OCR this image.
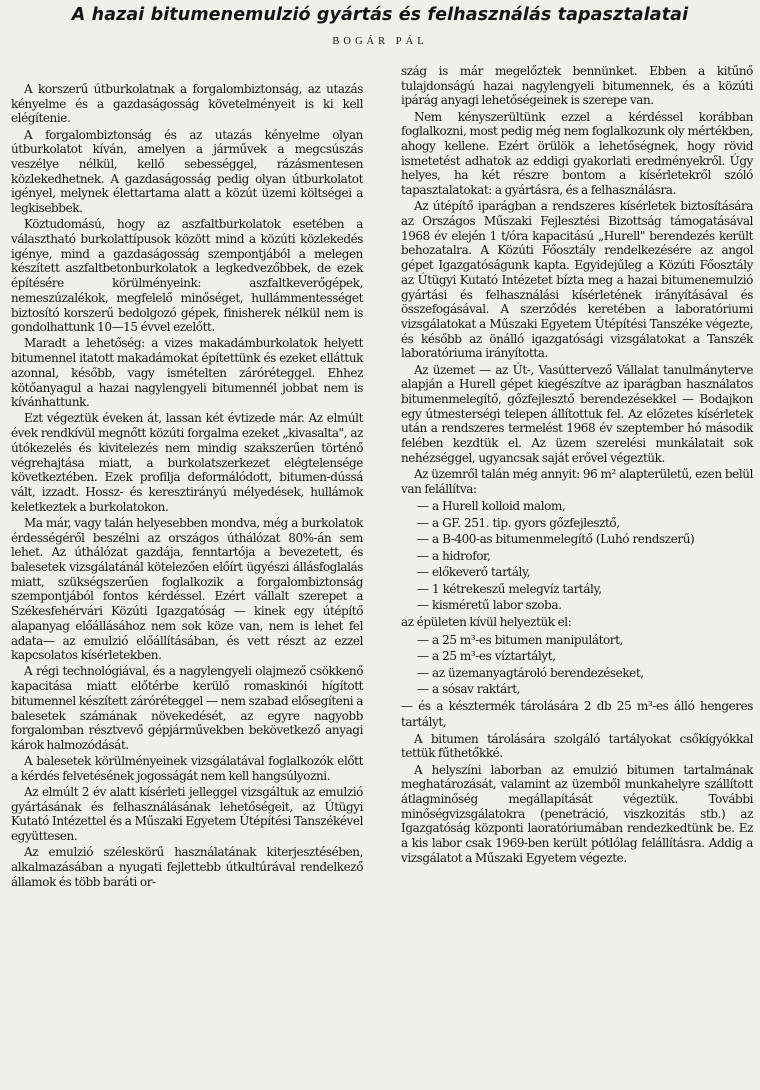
A hazai bitumenemulzió gyártás és felhasználás tapasztalatai
BOGÁR PÁL

A korszerű útburkolatnak a forgalombiztonság, az utazás kényelme és a gazdaságosság követelményeit is ki kell elégítenie.

A forgalombiztonság és az utazás kényelme olyan útburkolatot kíván, amelyen a járművek a megcsúszás veszélye nélkül, kellő sebességgel, rázásmentesen közlekedhetnek. A gazdaságosság pedig olyan útburkolatot igényel, melynek élettartama alatt a közút üzemi költségei a legkisebbek.

Köztudomású, hogy az aszfaltburkolatok esetében a választható burkolattípusok között mind a közúti közlekedés igénye, mind a gazdaságosság szempontjából a melegen készített aszfaltbetonburkolatok a legkedvezőbbek, de ezek építésére körülményeink: aszfaltkeverőgépek, nemeszúzalékok, megfelelő minőséget, hullámmentességet biztosító korszerű bedolgozó gépek, finisherek nélkül nem is gondolhattunk 10—15 évvel ezelőtt.

Maradt a lehetőség: a vizes makadámburkolatok helyett bitumennel itatott makadámokat építettünk és ezeket elláttuk azonnal, később, vagy ismételten záróréteggel. Ehhez kötőanyagul a hazai nagylengyeli bitumennél jobbat nem is kívánhattunk.

Ezt végeztük éveken át, lassan két évtizede már. Az elmúlt évek rendkívül megnőtt közúti forgalma ezeket „kivasalta", az útókezelés és kivitelezés nem mindig szakszerűen történő végrehajtása miatt, a burkolatszerkezet elégtelensége következtében. Ezek profilja deformálódott, bitumen-dússá vált, izzadt. Hossz- és keresztirányú mélyedések, hullámok keletkeztek a burkolatokon.

Ma már, vagy talán helyesebben mondva, még a burkolatok érdességéről beszélni az országos úthálózat 80%-án sem lehet. Az úthálózat gazdája, fenntartója a bevezetett, és balesetek vizsgálatánál kötelezően előírt ügyészi állásfoglalás miatt, szükségszerűen foglalkozik a forgalombiztonság szempontjából fontos kérdéssel. Ezért vállalt szerepet a Székesfehérvári Közúti Igazgatóság — kinek egy útépítő alapanyag előállásához nem sok köze van, nem is lehet fel adata— az emulzió előállításában, és vett részt az ezzel kapcsolatos kísérletekben.

A régi technológiával, és a nagylengyeli olajmező csökkenő kapacitása miatt előtérbe kerülő romaskinói hígított bitumennel készített záróréteggel — nem szabad elősegíteni a balesetek számának növekedését, az egyre nagyobb forgalomban résztvevő gépjárművekben bekövetkező anyagi károk halmozódását.

A balesetek körülményeinek vizsgálatával foglalkozók előtt a kérdés felvetésének jogosságát nem kell hangsúlyozni.

Az elmúlt 2 év alatt kísérleti jelleggel vizsgáltuk az emulzió gyártásának és felhasználásának lehetőségeit, az Útügyi Kutató Intézettel és a Műszaki Egyetem Útépítési Tanszékével együttesen.

Az emulzió széleskörű használatának kiterjesztésében, alkalmazásában a nyugati fejlettebb útkultúrával rendelkező államok és több baráti or-

szág is már megelőztek bennünket. Ebben a kitűnő tulajdonságú hazai nagylengyeli bitumennek, és a közúti ipárág anyagi lehetőségeinek is szerepe van.

Nem kényszerültünk ezzel a kérdéssel korábban foglalkozni, most pedig még nem foglalkozunk oly mértékben, ahogy kellene. Ezért örülök a lehetőségnek, hogy rövid ismetetést adhatok az eddigi gyakorlati eredményekről. Úgy helyes, ha két részre bontom a kísérletekről szóló tapasztalatokat: a gyártásra, és a felhasználásra.

Az útépítő iparágban a rendszeres kísérletek biztosítására az Országos Műszaki Fejlesztési Bizottság támogatásával 1968 év elején 1 t/óra kapacitású „Hurell" berendezés került behozatalra. A Közúti Főosztály rendelkezésére az angol gépet Igazgatóságunk kapta. Egyidejűleg a Közúti Főosztály az Útügyi Kutató Intézetet bízta meg a hazai bitumenemulzió gyártási és felhasználási kísérletének irányításával és összefogásával. A szerződés keretében a laboratóriumi vizsgálatokat a Műszaki Egyetem Útépítési Tanszéke végezte, és később az önálló igazgatósági vizsgálatokat a Tanszék laboratóriuma irányította.

Az üzemet — az Út-, Vasúttervező Vállalat tanulmányterve alapján a Hurell gépet kiegészítve az iparágban használatos bitumenmelegítő, gőzfejlesztő berendezésekkel — Bodajkon egy útmesterségi telepen állítottuk fel. Az előzetes kísérletek után a rendszeres termelést 1968 év szeptember hó második felében kezdtük el. Az üzem szerelési munkálatait sok nehézséggel, ugyancsak saját erővel végeztük.

Az üzemről talán még annyit: 96 m² alapterületű, ezen belül van felállítva:

— a Hurell kolloid malom,
— a GF. 251. tip. gyors gőzfejlesztő,
— a B-400-as bitumenmelegítő (Luhó rendszerű)
— a hidrofor,
— előkeverő tartály,
— 1 kétrekeszű melegvíz tartály,
— kisméretű labor szoba.

az épületen kívül helyeztük el:

— a 25 m³-es bitumen manipulátort,
— a 25 m³-es víztartályt,
— az üzemanyagtároló berendezéseket,
— a sósav raktárt,
— és a késztermék tárolására 2 db 25 m³-es álló hengeres tartályt,

A bitumen tárolására szolgáló tartályokat csőkígyókkal tettük fűthetőkké.

A helyszíni laborban az emulzió bitumen tartalmának meghatározását, valamint az üzemből munkahelyre szállított átlagminőség megállapítását végeztük. További minőségvizsgálatokra (penetráció, viszkozitás stb.) az Igazgatóság központi laoratóriumában rendezkedtünk be. Ez a kis labor csak 1969-ben került pótlólag felállításra. Addig a vizsgálatot a Műszaki Egyetem végezte.
